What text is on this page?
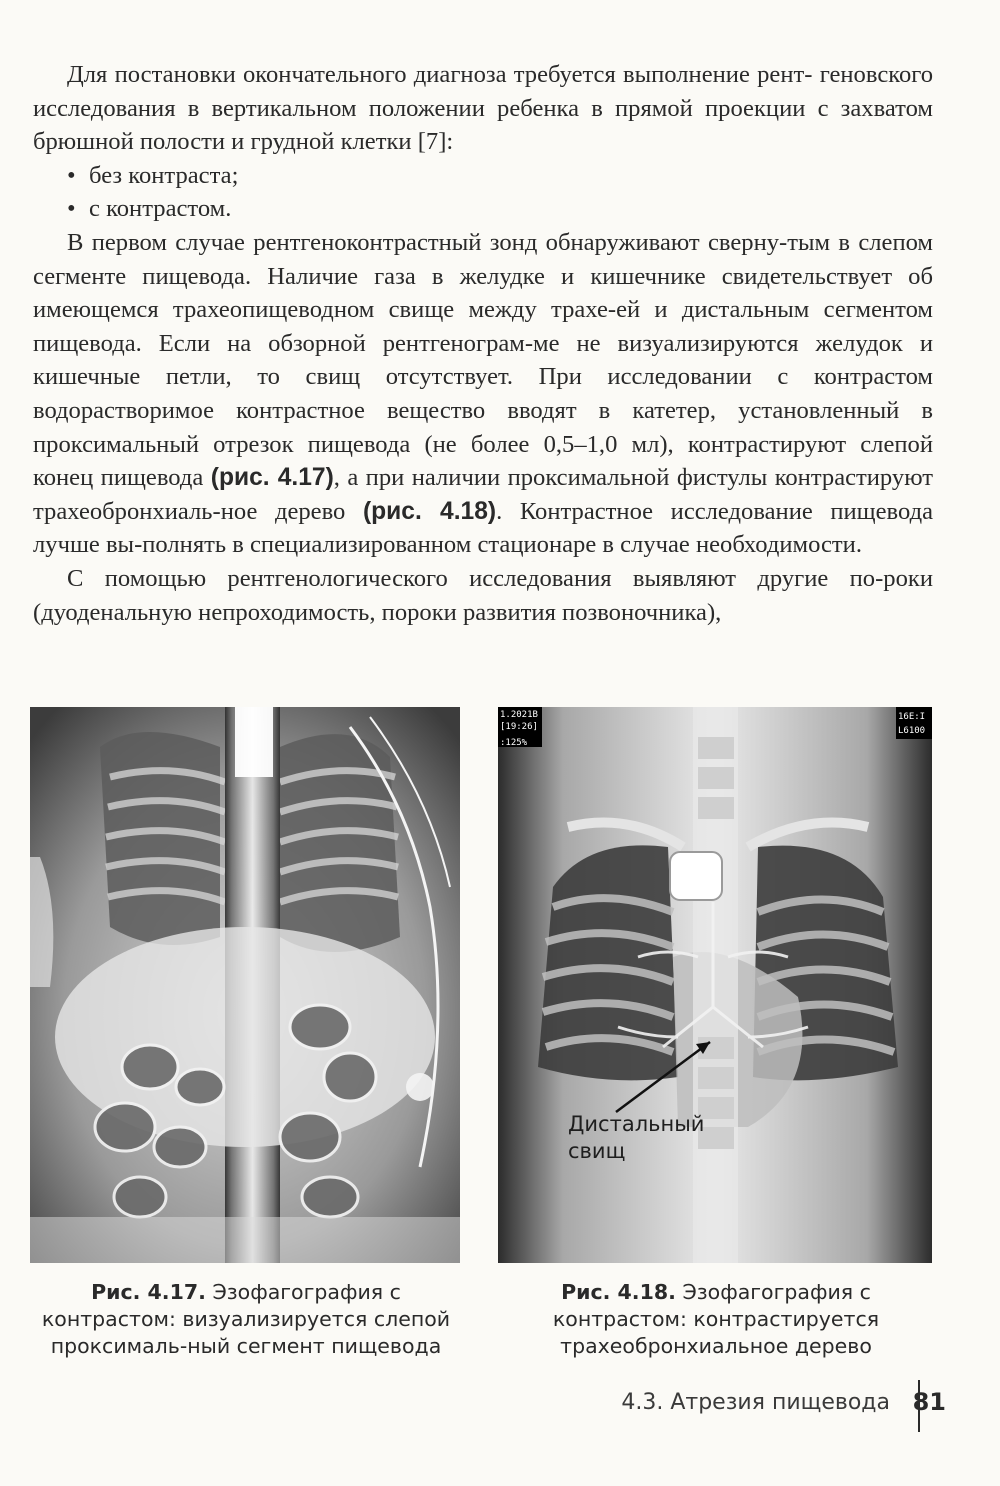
Для постановки окончательного диагноза требуется выполнение рент- геновского исследования в вертикальном положении ребенка в прямой проекции с захватом брюшной полости и грудной клетки [7]:

• без контраста;
• с контрастом.

В первом случае рентгеноконтрастный зонд обнаруживают сверну-тым в слепом сегменте пищевода. Наличие газа в желудке и кишечнике свидетельствует об имеющемся трахеопищеводном свище между трахе-ей и дистальным сегментом пищевода. Если на обзорной рентгенограм-ме не визуализируются желудок и кишечные петли, то свищ отсутствует. При исследовании с контрастом водорастворимое контрастное вещество вводят в катетер, установленный в проксимальный отрезок пищевода (не более 0,5–1,0 мл), контрастируют слепой конец пищевода (рис. 4.17), а при наличии проксимальной фистулы контрастируют трахеобронхиаль-ное дерево (рис. 4.18). Контрастное исследование пищевода лучше вы-полнять в специализированном стационаре в случае необходимости.

С помощью рентгенологического исследования выявляют другие по-роки (дуоденальную непроходимость, пороки развития позвоночника),

1.2021В
[19:26]
:125%
16Е:I
L6100
Дистальный
свищ
Рис. 4.17. Эзофагография с контрастом: визуализируется слепой проксималь-ный сегмент пищевода
Рис. 4.18. Эзофагография с контрастом: контрастируется трахеобронхиальное дерево
4.3. Атрезия пищевода 81
